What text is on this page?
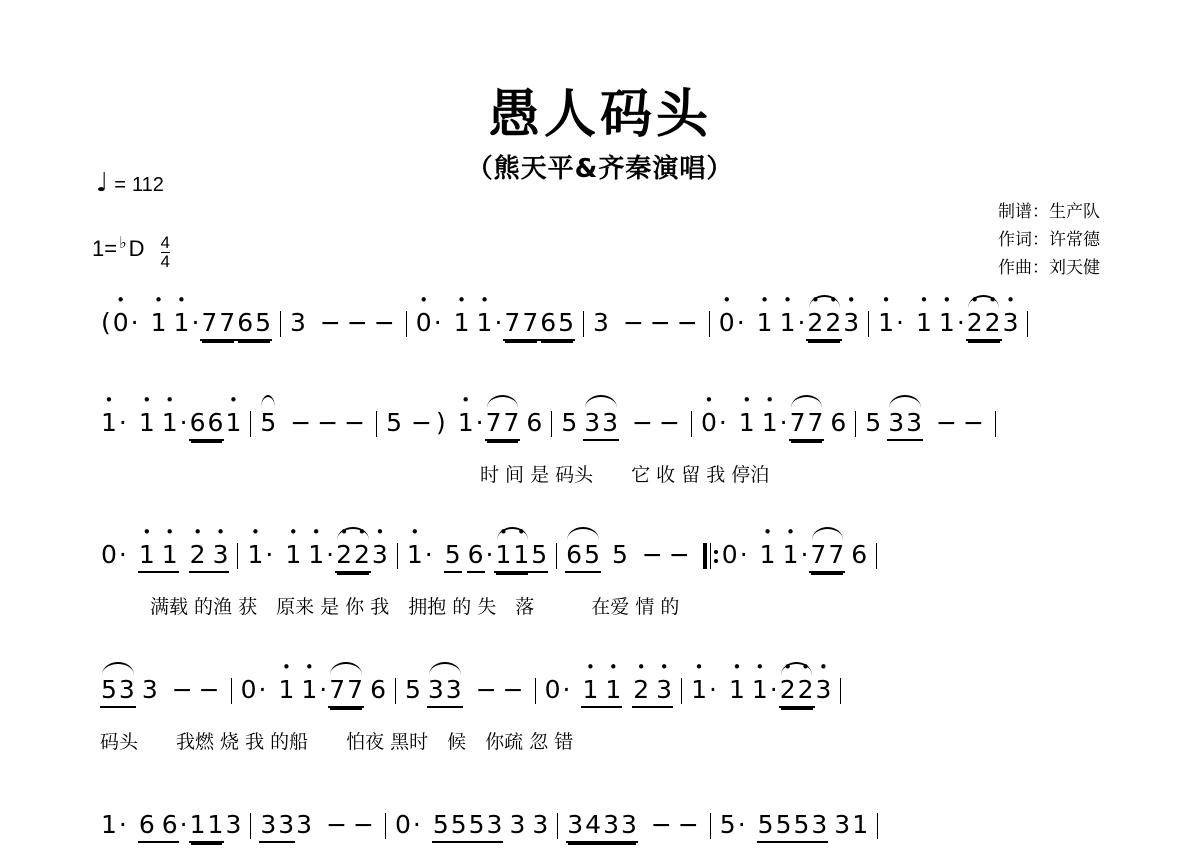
愚人码头
（熊天平&齐秦演唱）
♩ = 112
1= ♭ D $\frac{4}{4}$
制谱：生产队
作词：许常德
作曲：刘天健
(• 0· • 1 • 1·7765 3 − − − • 0· • 1 • 1·7765 3 − − − • 0· • 1 • 1·• 2• 2• 3 • 1· • 1 • 1·• 2• 2• 3
• 1· • 1 • 1·66• 1 5 − − − 5 − ) • 1·77 6 5 33 − − • 0· • 1 • 1·77 6 5 33 − −
时 间 是 码头　　它 收 留 我 停泊
0· • 1 • 1 • 2 • 3 • 1· • 1 • 1·• 2• 2• 3 • 1· 5 6·• 1• 15 65 5 − − 0· • 1 • 1·77 6
满载 的渔 获　原来 是 你 我　拥抱 的 失　落　　　在爱 情 的
53 3 − − 0· • 1 • 1·77 6 5 33 − − 0· • 1 • 1 • 2 • 3 • 1· • 1 • 1·• 2• 2• 3
码头　　我燃 烧 我 的船　　怕夜 黑时　候　你疏 忽 错
• 1· 6 6·• 1• 1• 3 • 3• 3• 3 − − 0· 5553 • 3 • 3 • 3• 4• 3• 3 − − • 5· • 5• 5• 5• 3 • 3• 1
